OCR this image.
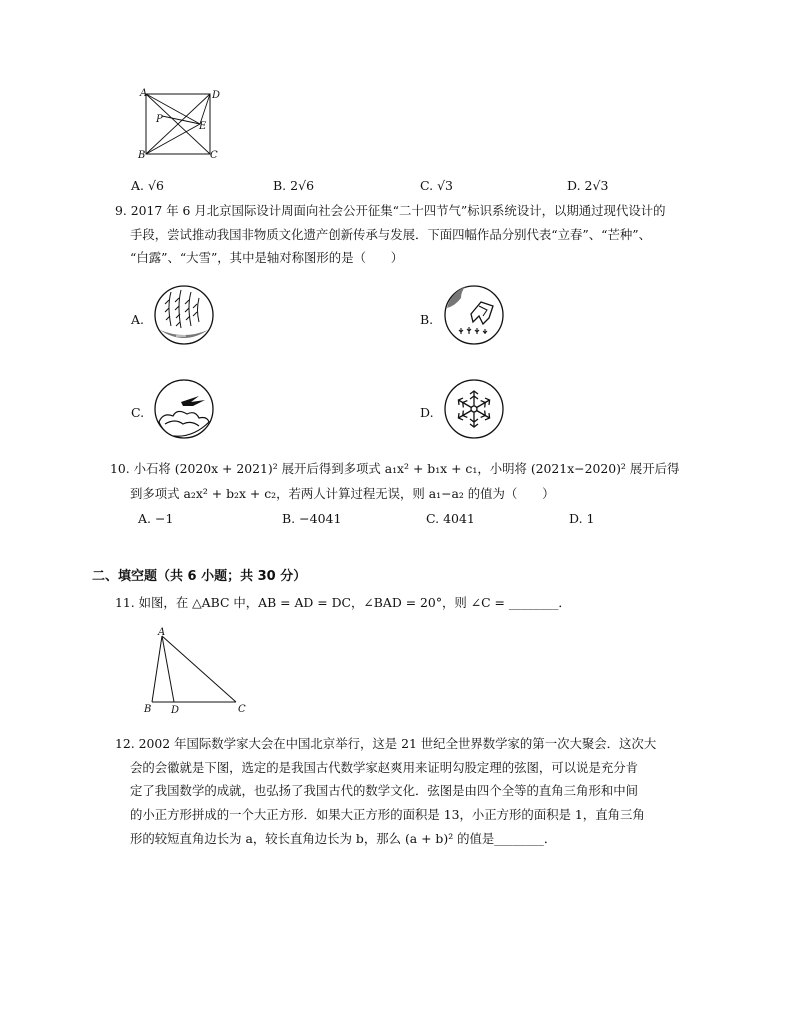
A	D
P
E
B	C
A. √6	B. 2√6	C. √3	D. 2√3
9. 2017 年 6 月北京国际设计周面向社会公开征集“二十四节气”标识系统设计，以期通过现代设计的
手段，尝试推动我国非物质文化遗产创新传承与发展．下面四幅作品分别代表“立春”、“芒种”、
“白露”、“大雪”，其中是轴对称图形的是（　　）
A.	B.
C.	D.
10. 小石将 (2020x + 2021)² 展开后得到多项式 a₁x² + b₁x + c₁，小明将 (2021x−2020)² 展开后得
到多项式 a₂x² + b₂x + c₂，若两人计算过程无误，则 a₁−a₂ 的值为（　　）
A. −1	B. −4041	C. 4041	D. 1
二、填空题（共 6 小题；共 30 分）
11. 如图，在 △ABC 中，AB = AD = DC，∠BAD = 20°，则 ∠C = ________．
A
B D	C
12. 2002 年国际数学家大会在中国北京举行，这是 21 世纪全世界数学家的第一次大聚会．这次大
会的会徽就是下图，选定的是我国古代数学家赵爽用来证明勾股定理的弦图，可以说是充分肯
定了我国数学的成就，也弘扬了我国古代的数学文化．弦图是由四个全等的直角三角形和中间
的小正方形拼成的一个大正方形．如果大正方形的面积是 13，小正方形的面积是 1，直角三角
形的较短直角边长为 a，较长直角边长为 b，那么 (a + b)² 的值是________．
